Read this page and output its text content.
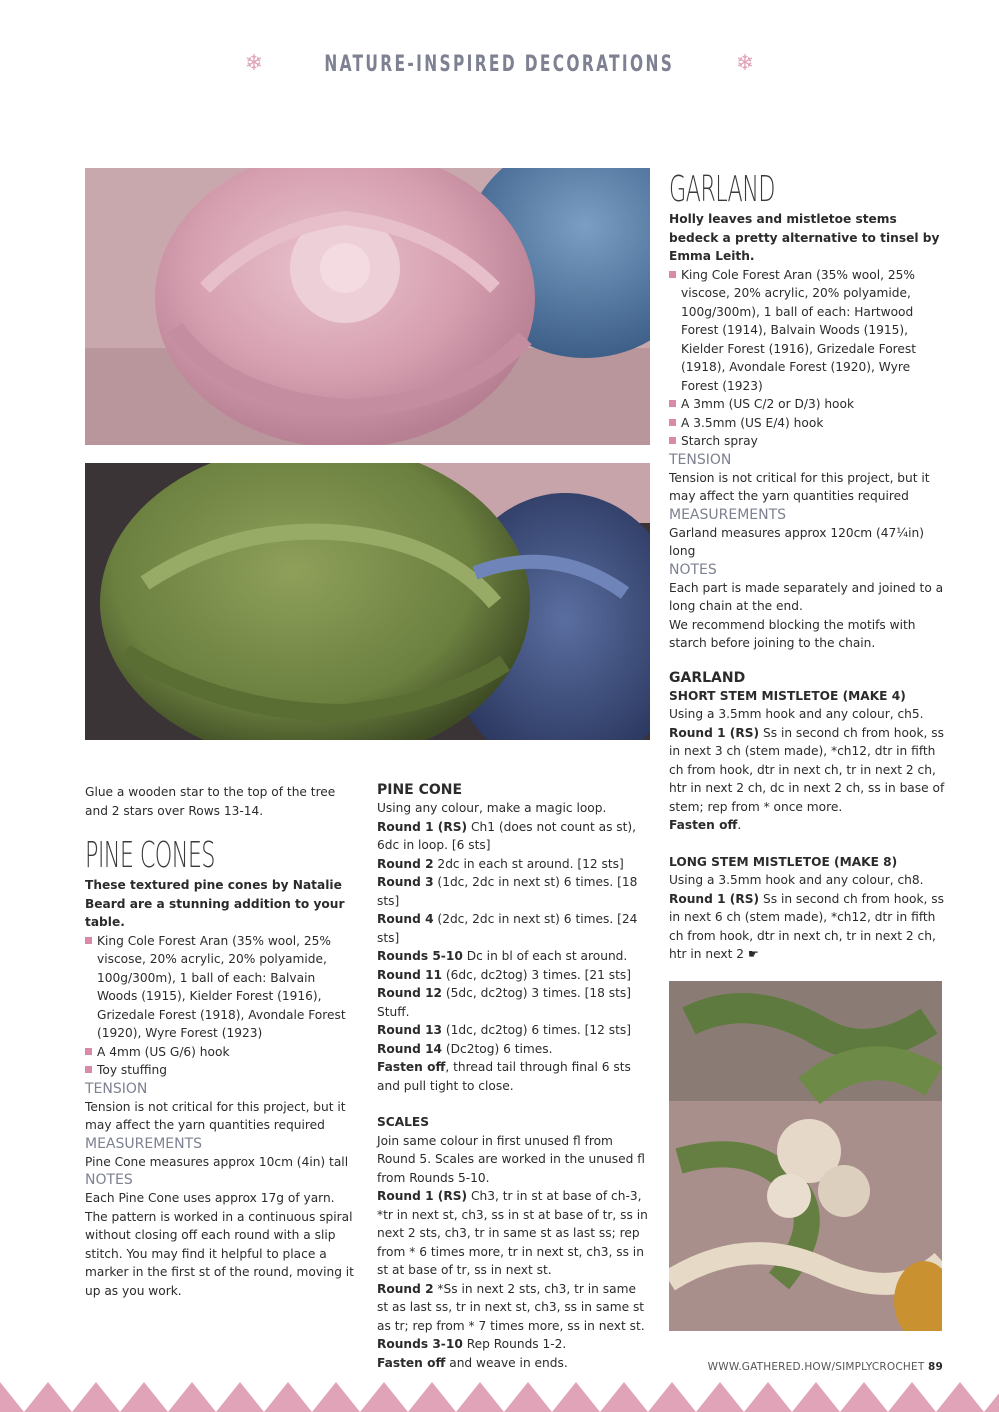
❄	NATURE-INSPIRED DECORATIONS	❄

Glue a wooden star to the top of the tree and 2 stars over Rows 13-14.

PINE CONES

These textured pine cones by Natalie Beard are a stunning addition to your table.

King Cole Forest Aran (35% wool, 25% viscose, 20% acrylic, 20% polyamide, 100g/300m), 1 ball of each: Balvain Woods (1915), Kielder Forest (1916), Grizedale Forest (1918), Avondale Forest (1920), Wyre Forest (1923)
A 4mm (US G/6) hook
Toy stuffing

TENSION

Tension is not critical for this project, but it may affect the yarn quantities required

MEASUREMENTS

Pine Cone measures approx 10cm (4in) tall

NOTES

Each Pine Cone uses approx 17g of yarn. The pattern is worked in a continuous spiral without closing off each round with a slip stitch. You may find it helpful to place a marker in the first st of the round, moving it up as you work.

PINE CONE

Using any colour, make a magic loop.

Round 1 (RS) Ch1 (does not count as st), 6dc in loop. [6 sts]

Round 2 2dc in each st around. [12 sts]

Round 3 (1dc, 2dc in next st) 6 times. [18 sts]

Round 4 (2dc, 2dc in next st) 6 times. [24 sts]

Rounds 5-10 Dc in bl of each st around.

Round 11 (6dc, dc2tog) 3 times. [21 sts]

Round 12 (5dc, dc2tog) 3 times. [18 sts] Stuff.

Round 13 (1dc, dc2tog) 6 times. [12 sts]

Round 14 (Dc2tog) 6 times.

Fasten off, thread tail through final 6 sts and pull tight to close.

SCALES

Join same colour in first unused fl from Round 5. Scales are worked in the unused fl from Rounds 5-10.

Round 1 (RS) Ch3, tr in st at base of ch-3, *tr in next st, ch3, ss in st at base of tr, ss in next 2 sts, ch3, tr in same st as last ss; rep from * 6 times more, tr in next st, ch3, ss in st at base of tr, ss in next st.

Round 2 *Ss in next 2 sts, ch3, tr in same st as last ss, tr in next st, ch3, ss in same st as tr; rep from * 7 times more, ss in next st.

Rounds 3-10 Rep Rounds 1-2.

Fasten off and weave in ends.

GARLAND

Holly leaves and mistletoe stems bedeck a pretty alternative to tinsel by Emma Leith.

King Cole Forest Aran (35% wool, 25% viscose, 20% acrylic, 20% polyamide, 100g/300m), 1 ball of each: Hartwood Forest (1914), Balvain Woods (1915), Kielder Forest (1916), Grizedale Forest (1918), Avondale Forest (1920), Wyre Forest (1923)
A 3mm (US C/2 or D/3) hook
A 3.5mm (US E/4) hook
Starch spray

TENSION

Tension is not critical for this project, but it may affect the yarn quantities required

MEASUREMENTS

Garland measures approx 120cm (47¼in) long

NOTES

Each part is made separately and joined to a long chain at the end.

We recommend blocking the motifs with starch before joining to the chain.

GARLAND

SHORT STEM MISTLETOE (MAKE 4)

Using a 3.5mm hook and any colour, ch5.

Round 1 (RS) Ss in second ch from hook, ss in next 3 ch (stem made), *ch12, dtr in fifth ch from hook, dtr in next ch, tr in next 2 ch, htr in next 2 ch, dc in next 2 ch, ss in base of stem; rep from * once more.

Fasten off.

LONG STEM MISTLETOE (MAKE 8)

Using a 3.5mm hook and any colour, ch8.

Round 1 (RS) Ss in second ch from hook, ss in next 6 ch (stem made), *ch12, dtr in fifth ch from hook, dtr in next ch, tr in next 2 ch, htr in next 2 ☛

WWW.GATHERED.HOW/SIMPLYCROCHET 89
